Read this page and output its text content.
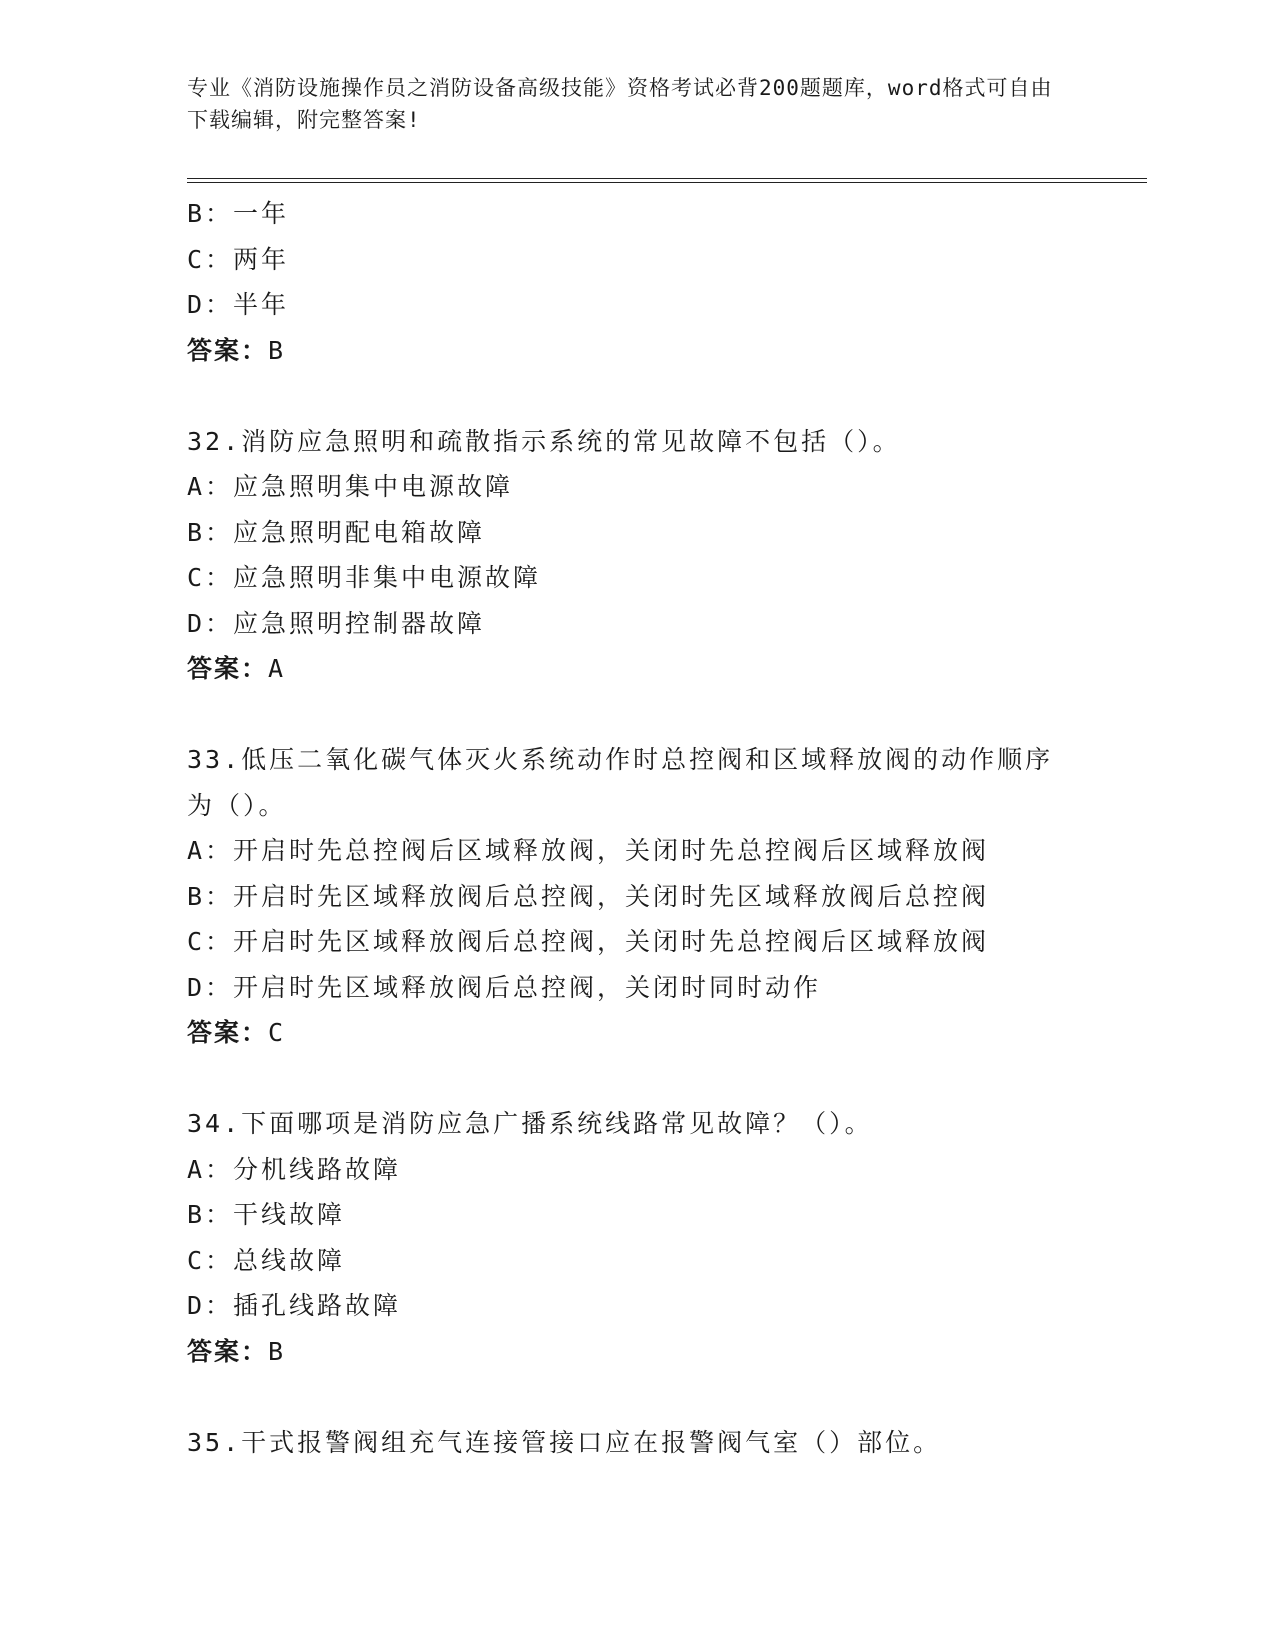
专业《消防设施操作员之消防设备高级技能》资格考试必背200题题库，word格式可自由下载编辑，附完整答案!
B：一年
C：两年
D：半年
答案：B
32.消防应急照明和疏散指示系统的常见故障不包括（）。
A：应急照明集中电源故障
B：应急照明配电箱故障
C：应急照明非集中电源故障
D：应急照明控制器故障
答案：A
33.低压二氧化碳气体灭火系统动作时总控阀和区域释放阀的动作顺序
为（）。
A：开启时先总控阀后区域释放阀，关闭时先总控阀后区域释放阀
B：开启时先区域释放阀后总控阀，关闭时先区域释放阀后总控阀
C：开启时先区域释放阀后总控阀，关闭时先总控阀后区域释放阀
D：开启时先区域释放阀后总控阀，关闭时同时动作
答案：C
34.下面哪项是消防应急广播系统线路常见故障？（）。
A：分机线路故障
B：干线故障
C：总线故障
D：插孔线路故障
答案：B
35.干式报警阀组充气连接管接口应在报警阀气室（）部位。
